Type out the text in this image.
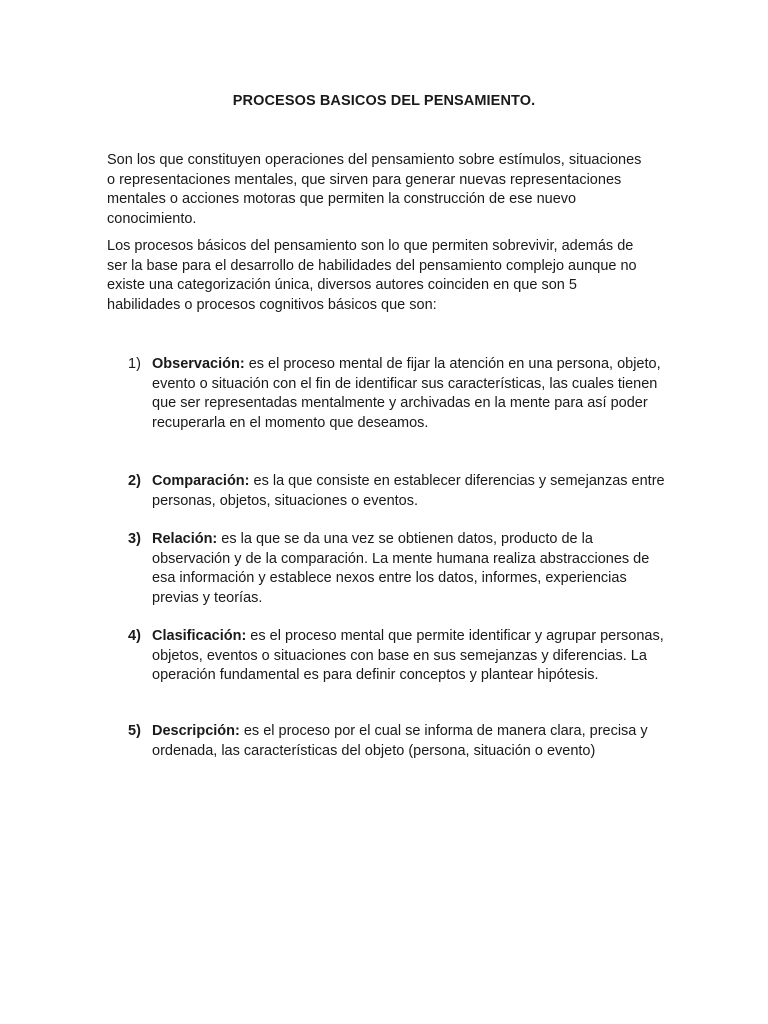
PROCESOS BASICOS DEL PENSAMIENTO.

Son los que constituyen operaciones del pensamiento sobre estímulos, situaciones o representaciones mentales, que sirven para generar nuevas representaciones mentales o acciones motoras que permiten la construcción de ese nuevo conocimiento.

Los procesos básicos del pensamiento son lo que permiten sobrevivir, además de ser la base para el desarrollo de habilidades del pensamiento complejo aunque no existe una categorización única, diversos autores coinciden en que son 5 habilidades o procesos cognitivos básicos que son:

1) Observación: es el proceso mental de fijar la atención en una persona, objeto, evento o situación con el fin de identificar sus características, las cuales tienen que ser representadas mentalmente y archivadas en la mente para así poder recuperarla en el momento que deseamos.
2) Comparación: es la que consiste en establecer diferencias y semejanzas entre personas, objetos, situaciones o eventos.
3) Relación: es la que se da una vez se obtienen datos, producto de la observación y de la comparación. La mente humana realiza abstracciones de esa información y establece nexos entre los datos, informes, experiencias previas y teorías.
4) Clasificación: es el proceso mental que permite identificar y agrupar personas, objetos, eventos o situaciones con base en sus semejanzas y diferencias. La operación fundamental es para definir conceptos y plantear hipótesis.
5) Descripción: es el proceso por el cual se informa de manera clara, precisa y ordenada, las características del objeto (persona, situación o evento)
